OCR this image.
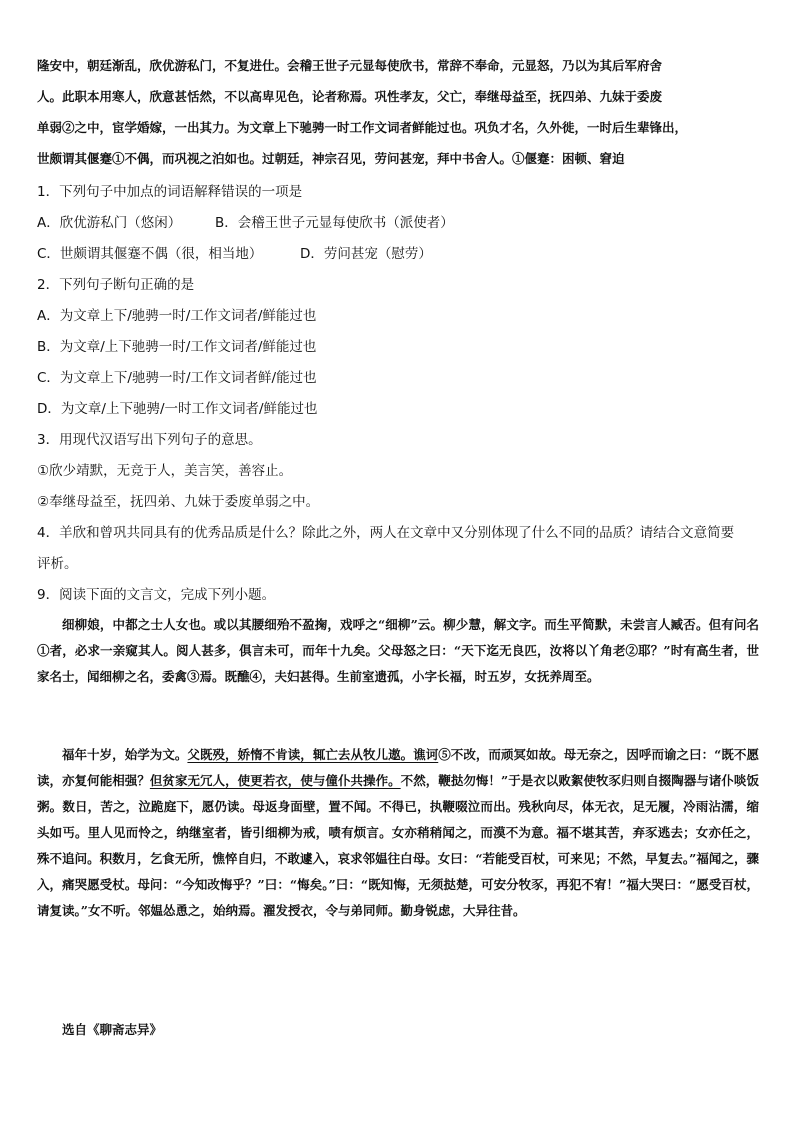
隆安中，朝廷渐乱，欣优游私门，不复进仕。会稽王世子元显每使欣书，常辞不奉命，元显怒，乃以为其后军府舍
人。此职本用寒人，欣意甚恬然，不以高卑见色，论者称焉。巩性孝友，父亡，奉继母益至，抚四弟、九妹于委废
单弱②之中，宦学婚嫁，一出其力。为文章上下驰骋一时工作文词者鲜能过也。巩负才名，久外徙，一时后生辈锋出，
世颇谓其偃蹇①不偶，而巩视之泊如也。过朝廷，神宗召见，劳问甚宠，拜中书舍人。①偃蹇：困顿、窘迫
1．下列句子中加点的词语解释错误的一项是
A．欣优游私门（悠闲）	B．会稽王世子元显每使欣书（派使者）
C．世颇谓其偃蹇不偶（很，相当地）	D．劳问甚宠（慰劳）
2．下列句子断句正确的是
A．为文章上下/驰骋一时/工作文词者/鲜能过也
B．为文章/上下驰骋一时/工作文词者/鲜能过也
C．为文章上下/驰骋一时/工作文词者鲜/能过也
D．为文章/上下驰骋/一时工作文词者/鲜能过也
3．用现代汉语写出下列句子的意思。
①欣少靖默，无竞于人，美言笑，善容止。
②奉继母益至，抚四弟、九妹于委废单弱之中。
4．羊欣和曾巩共同具有的优秀品质是什么？除此之外，两人在文章中又分别体现了什么不同的品质？请结合文意简要
评析。
9．阅读下面的文言文，完成下列小题。
细柳娘，中都之士人女也。或以其腰细殆不盈掬，戏呼之“细柳”云。柳少慧，解文字。而生平简默，未尝言人臧否。但有问名①者，必求一亲窥其人。阅人甚多，俱言未可，而年十九矣。父母怒之曰：“天下迄无良匹，汝将以丫角老②耶？”时有高生者，世家名士，闻细柳之名，委禽③焉。既醮④，夫妇甚得。生前室遗孤，小字长福，时五岁，女抚养周至。
福年十岁，始学为文。父既殁，娇惰不肯读，辄亡去从牧儿遨。谯诃⑤不改，而顽冥如故。母无奈之，因呼而谕之曰：“既不愿读，亦复何能相强？但贫家无冗人，使更若衣，使与僮仆共操作。不然，鞭挞勿悔！”于是衣以败絮使牧豕归则自掇陶器与诸仆啖饭粥。数日，苦之，泣跪庭下，愿仍读。母返身面壁，置不闻。不得已，执鞭啜泣而出。残秋向尽，体无衣，足无履，冷雨沾濡，缩头如丐。里人见而怜之，纳继室者，皆引细柳为戒，啧有烦言。女亦稍稍闻之，而漠不为意。福不堪其苦，弃豕逃去；女亦任之，殊不追问。积数月，乞食无所，憔悴自归，不敢遽入，哀求邻媪往白母。女曰：“若能受百杖，可来见；不然，早复去。”福闻之，骤入，痛哭愿受杖。母问：“今知改悔乎？”曰：“悔矣。”曰：“既知悔，无须挞楚，可安分牧豕，再犯不宥！”福大哭曰：“愿受百杖，请复读。”女不听。邻媪怂恿之，始纳焉。濯发授衣，令与弟同师。勤身锐虑，大异往昔。
选自《聊斋志异》
